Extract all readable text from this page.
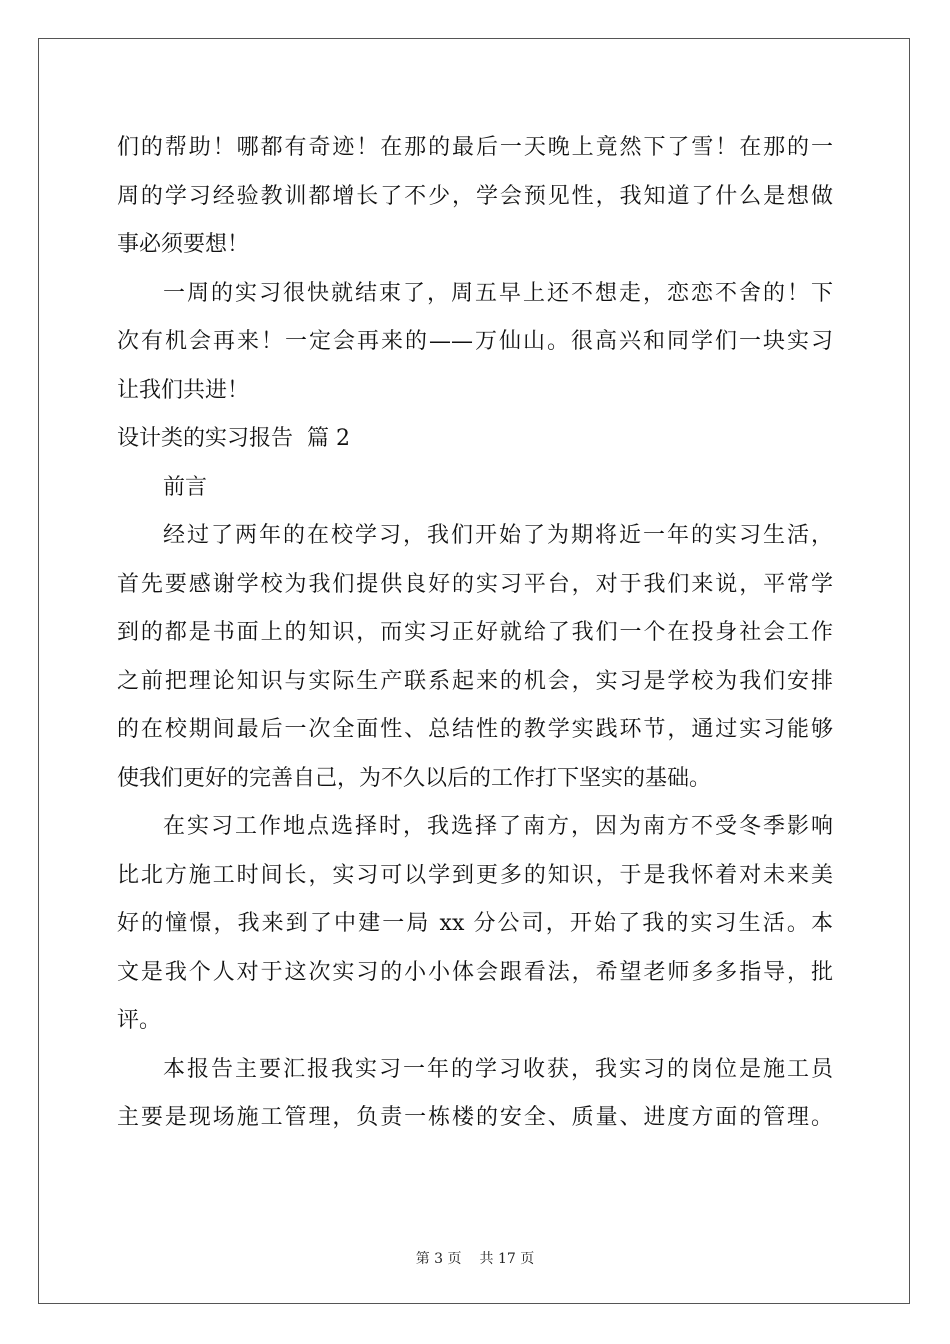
们的帮助！哪都有奇迹！在那的最后一天晚上竟然下了雪！在那的一
周的学习经验教训都增长了不少，学会预见性，我知道了什么是想做
事必须要想！
一周的实习很快就结束了，周五早上还不想走，恋恋不舍的！下
次有机会再来！一定会再来的——万仙山。很高兴和同学们一块实习
让我们共进！
设计类的实习报告 篇 2
前言
经过了两年的在校学习，我们开始了为期将近一年的实习生活，
首先要感谢学校为我们提供良好的实习平台，对于我们来说，平常学
到的都是书面上的知识，而实习正好就给了我们一个在投身社会工作
之前把理论知识与实际生产联系起来的机会，实习是学校为我们安排
的在校期间最后一次全面性、总结性的教学实践环节，通过实习能够
使我们更好的完善自己，为不久以后的工作打下坚实的基础。
在实习工作地点选择时，我选择了南方，因为南方不受冬季影响
比北方施工时间长，实习可以学到更多的知识，于是我怀着对未来美
好的憧憬，我来到了中建一局 xx 分公司，开始了我的实习生活。本
文是我个人对于这次实习的小小体会跟看法，希望老师多多指导，批
评。
本报告主要汇报我实习一年的学习收获，我实习的岗位是施工员
主要是现场施工管理，负责一栋楼的安全、质量、进度方面的管理。
第 3 页 共 17 页
